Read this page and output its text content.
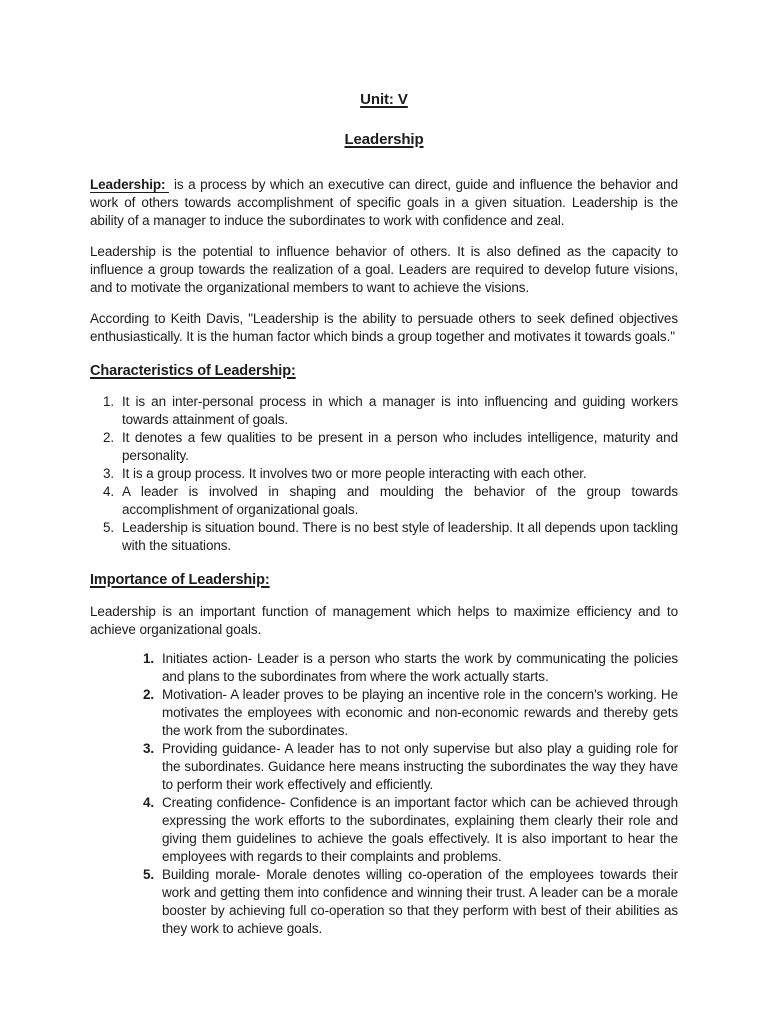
Unit: V
Leadership

Leadership: is a process by which an executive can direct, guide and influence the behavior and work of others towards accomplishment of specific goals in a given situation. Leadership is the ability of a manager to induce the subordinates to work with confidence and zeal.

Leadership is the potential to influence behavior of others. It is also defined as the capacity to influence a group towards the realization of a goal. Leaders are required to develop future visions, and to motivate the organizational members to want to achieve the visions.

According to Keith Davis, "Leadership is the ability to persuade others to seek defined objectives enthusiastically. It is the human factor which binds a group together and motivates it towards goals."

Characteristics of Leadership:
It is an inter-personal process in which a manager is into influencing and guiding workers towards attainment of goals.
It denotes a few qualities to be present in a person who includes intelligence, maturity and personality.
It is a group process. It involves two or more people interacting with each other.
A leader is involved in shaping and moulding the behavior of the group towards accomplishment of organizational goals.
Leadership is situation bound. There is no best style of leadership. It all depends upon tackling with the situations.
Importance of Leadership:

Leadership is an important function of management which helps to maximize efficiency and to achieve organizational goals.

Initiates action- Leader is a person who starts the work by communicating the policies and plans to the subordinates from where the work actually starts.
Motivation- A leader proves to be playing an incentive role in the concern's working. He motivates the employees with economic and non-economic rewards and thereby gets the work from the subordinates.
Providing guidance- A leader has to not only supervise but also play a guiding role for the subordinates. Guidance here means instructing the subordinates the way they have to perform their work effectively and efficiently.
Creating confidence- Confidence is an important factor which can be achieved through expressing the work efforts to the subordinates, explaining them clearly their role and giving them guidelines to achieve the goals effectively. It is also important to hear the employees with regards to their complaints and problems.
Building morale- Morale denotes willing co-operation of the employees towards their work and getting them into confidence and winning their trust. A leader can be a morale booster by achieving full co-operation so that they perform with best of their abilities as they work to achieve goals.
